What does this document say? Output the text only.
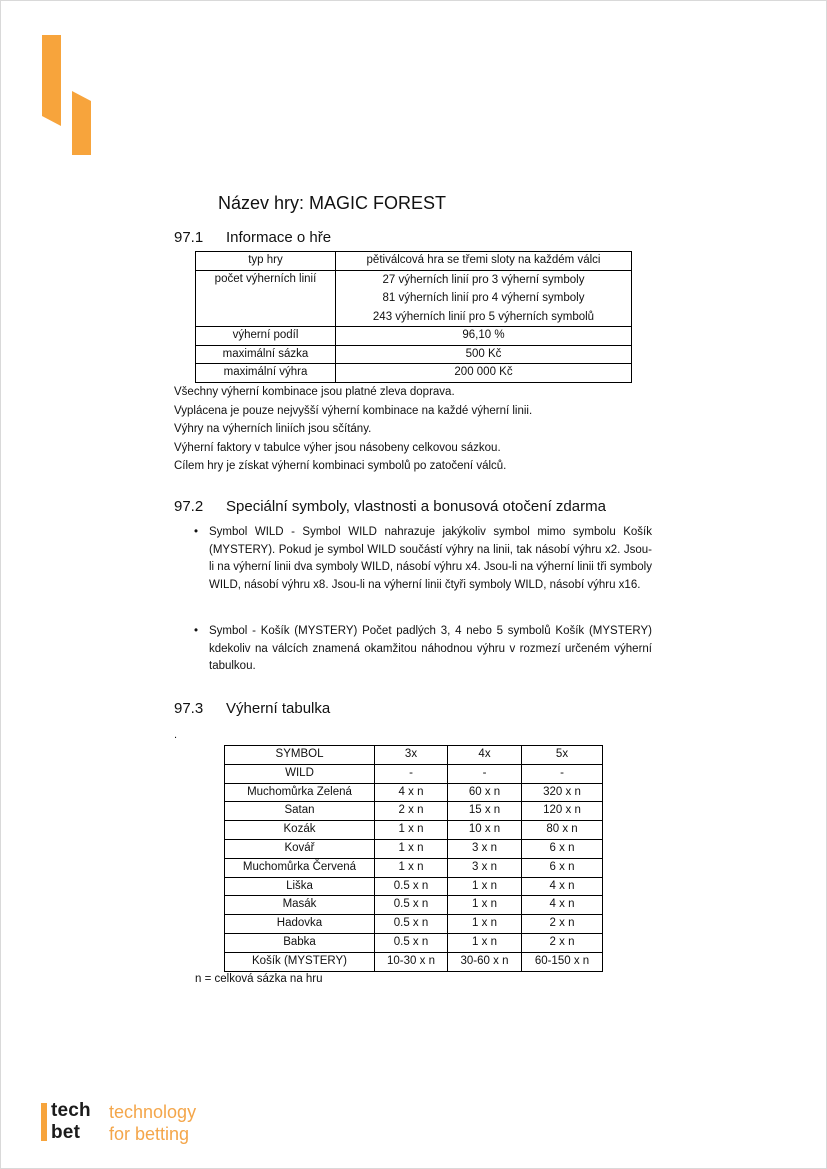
Název hry: MAGIC FOREST
97.1 Informace o hře
typ hry	pětiválcová hra se třemi sloty na každém válci
počet výherních linií	27 výherních linií pro 3 výherní symboly
81 výherních linií pro 4 výherní symboly
243 výherních linií pro 5 výherních symbolů

výherní podíl	96,10 %
maximální sázka	500 Kč
maximální výhra	200 000 Kč
Všechny výherní kombinace jsou platné zleva doprava.
Vyplácena je pouze nejvyšší výherní kombinace na každé výherní linii.
Výhry na výherních liniích jsou sčítány.
Výherní faktory v tabulce výher jsou násobeny celkovou sázkou.
Cílem hry je získat výherní kombinaci symbolů po zatočení válců.
97.2 Speciální symboly, vlastnosti a bonusová otočení zdarma
• Symbol WILD - Symbol WILD nahrazuje jakýkoliv symbol mimo symbolu Košík (MYSTERY). Pokud je symbol WILD součástí výhry na linii, tak násobí výhru x2. Jsou-li na výherní linii dva symboly WILD, násobí výhru x4. Jsou-li na výherní linii tři symboly WILD, násobí výhru x8. Jsou-li na výherní linii čtyři symboly WILD, násobí výhru x16.
• Symbol - Košík (MYSTERY) Počet padlých 3, 4 nebo 5 symbolů Košík (MYSTERY) kdekoliv na válcích znamená okamžitou náhodnou výhru v rozmezí určeném výherní tabulkou.
97.3 Výherní tabulka
.
SYMBOL	3x	4x	5x
WILD	-	-	-
Muchomůrka Zelená	4 x n	60 x n	320 x n
Satan	2 x n	15 x n	120 x n
Kozák	1 x n	10 x n	80 x n
Kovář	1 x n	3 x n	6 x n
Muchomůrka Červená	1 x n	3 x n	6 x n
Liška	0.5 x n	1 x n	4 x n
Masák	0.5 x n	1 x n	4 x n
Hadovka	0.5 x n	1 x n	2 x n
Babka	0.5 x n	1 x n	2 x n
Košík (MYSTERY)	10-30 x n	30-60 x n	60-150 x n
n = celková sázka na hru
tech
bet
technology
for betting
